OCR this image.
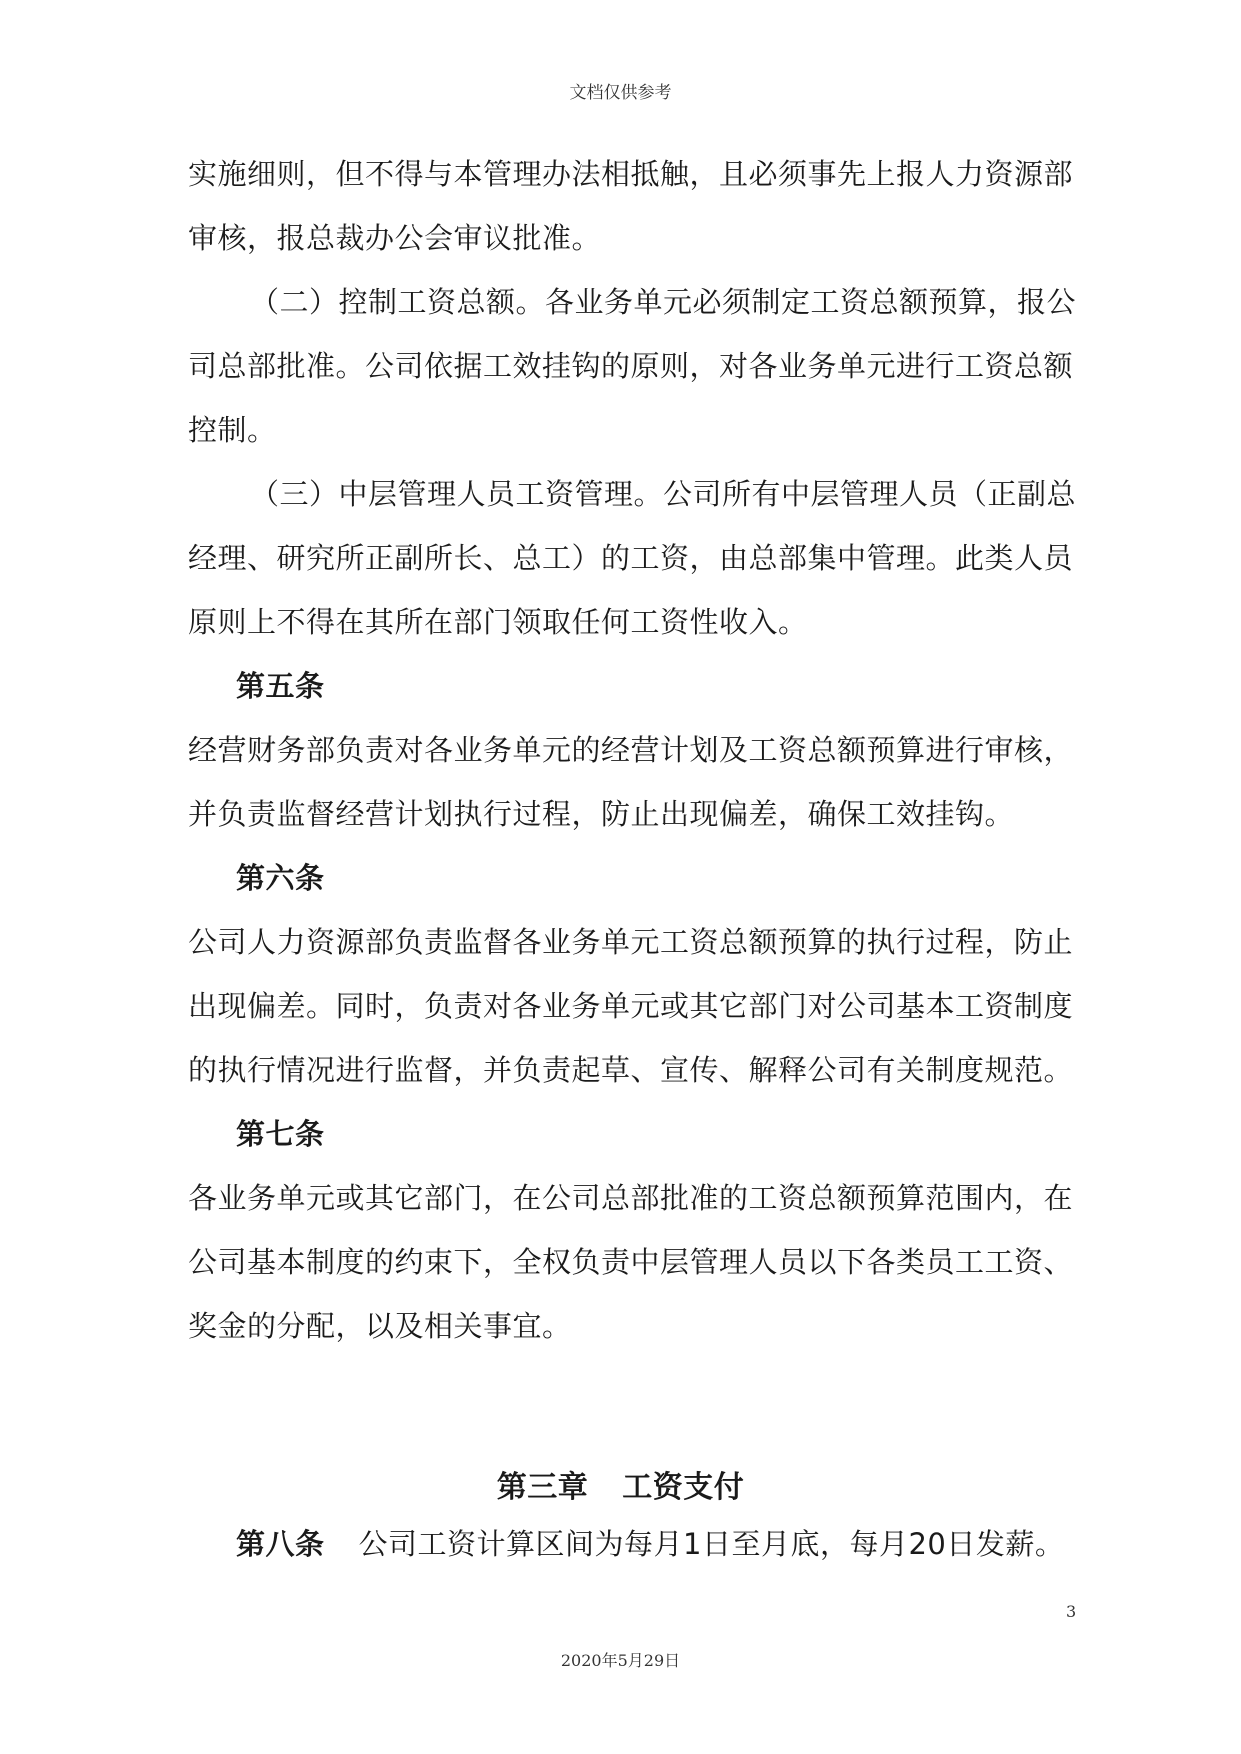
文档仅供参考

实施细则，但不得与本管理办法相抵触，且必须事先上报人力资源部审核，报总裁办公会审议批准。

（二）控制工资总额。各业务单元必须制定工资总额预算，报公司总部批准。公司依据工效挂钩的原则，对各业务单元进行工资总额控制。

（三）中层管理人员工资管理。公司所有中层管理人员（正副总经理、研究所正副所长、总工）的工资，由总部集中管理。此类人员原则上不得在其所在部门领取任何工资性收入。

第五条

经营财务部负责对各业务单元的经营计划及工资总额预算进行审核，并负责监督经营计划执行过程，防止出现偏差，确保工效挂钩。

第六条

公司人力资源部负责监督各业务单元工资总额预算的执行过程，防止出现偏差。同时，负责对各业务单元或其它部门对公司基本工资制度的执行情况进行监督，并负责起草、宣传、解释公司有关制度规范。

第七条

各业务单元或其它部门，在公司总部批准的工资总额预算范围内，在公司基本制度的约束下，全权负责中层管理人员以下各类员工工资、奖金的分配，以及相关事宜。

第三章 工资支付
第八条 公司工资计算区间为每月1日至月底，每月20日发薪。
3
2020年5月29日
